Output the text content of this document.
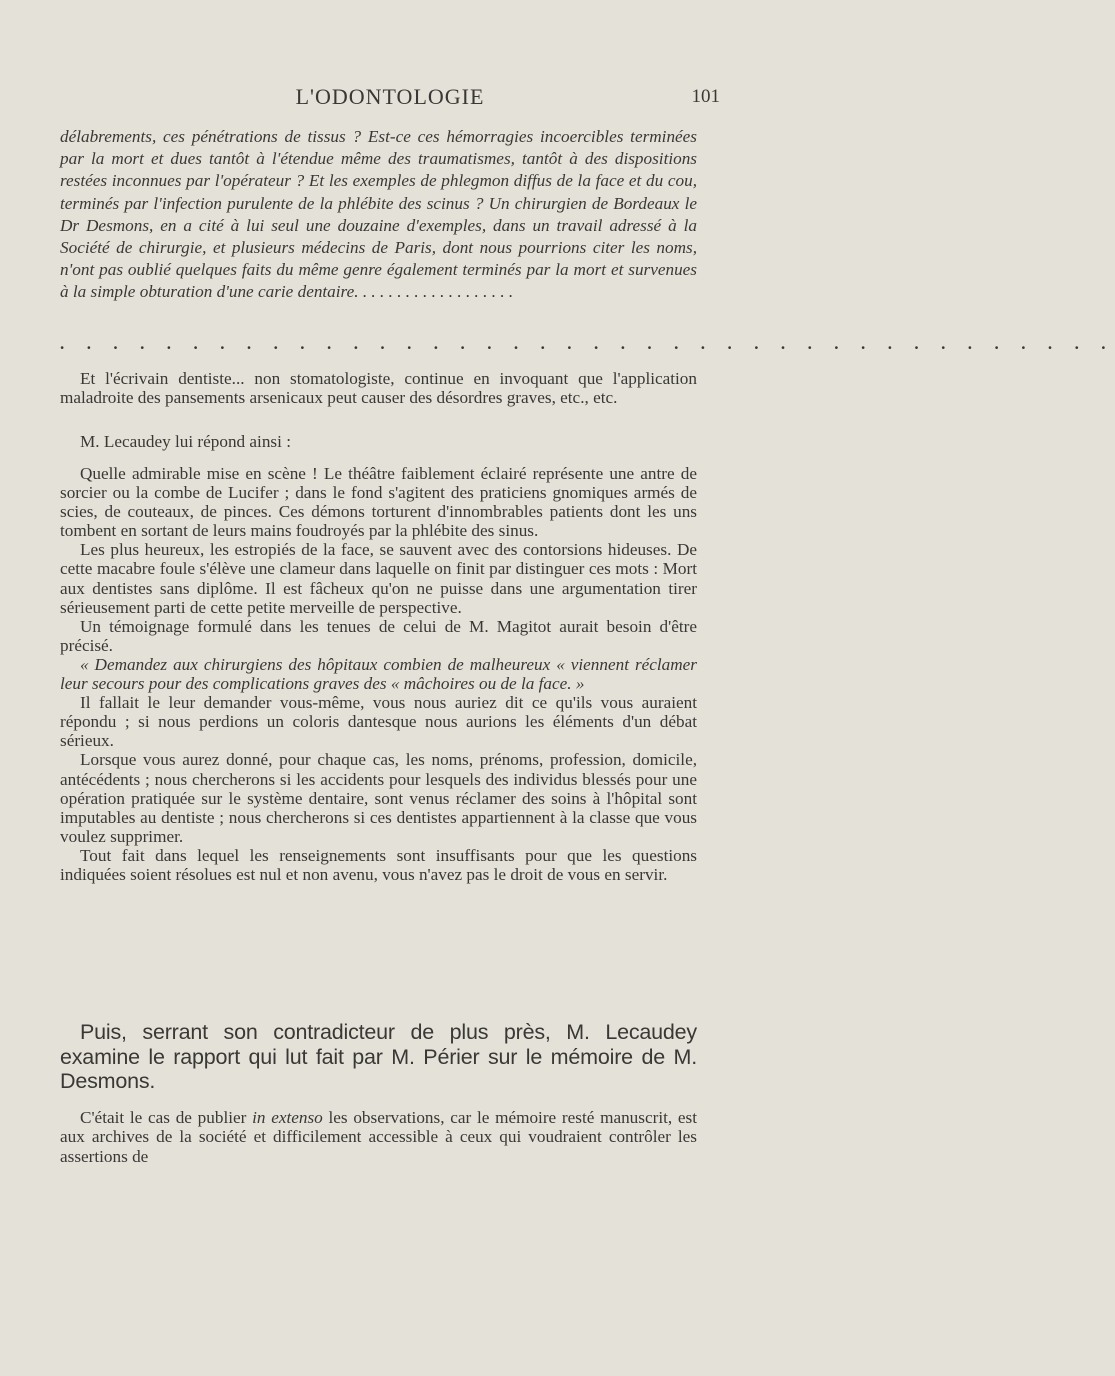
L'ODONTOLOGIE	101

délabrements, ces pénétrations de tissus ? Est-ce ces hémorragies incoercibles terminées par la mort et dues tantôt à l'étendue même des traumatismes, tantôt à des dispositions restées inconnues par l'opérateur ? Et les exemples de phlegmon diffus de la face et du cou, terminés par l'infection purulente de la phlébite des scinus ? Un chirurgien de Bordeaux le Dr Desmons, en a cité à lui seul une douzaine d'exemples, dans un travail adressé à la Société de chirurgie, et plusieurs médecins de Paris, dont nous pourrions citer les noms, n'ont pas oublié quelques faits du même genre également terminés par la mort et survenues à la simple obturation d'une carie dentaire. . . . . . . . . . . . . . . . . . .

. . . . . . . . . . . . . . . . . . . . . . . . . . . . . . . . . . . . . . . .

Et l'écrivain dentiste... non stomatologiste, continue en invoquant que l'application maladroite des pansements arsenicaux peut causer des désordres graves, etc., etc.

M. Lecaudey lui répond ainsi :

Quelle admirable mise en scène ! Le théâtre faiblement éclairé représente une antre de sorcier ou la combe de Lucifer ; dans le fond s'agitent des praticiens gnomiques armés de scies, de couteaux, de pinces. Ces démons torturent d'innombrables patients dont les uns tombent en sortant de leurs mains foudroyés par la phlébite des sinus.

Les plus heureux, les estropiés de la face, se sauvent avec des contorsions hideuses. De cette macabre foule s'élève une clameur dans laquelle on finit par distinguer ces mots : Mort aux dentistes sans diplôme. Il est fâcheux qu'on ne puisse dans une argumentation tirer sérieusement parti de cette petite merveille de perspective.

Un témoignage formulé dans les tenues de celui de M. Magitot aurait besoin d'être précisé.

« Demandez aux chirurgiens des hôpitaux combien de malheureux « viennent réclamer leur secours pour des complications graves des « mâchoires ou de la face. »

Il fallait le leur demander vous-même, vous nous auriez dit ce qu'ils vous auraient répondu ; si nous perdions un coloris dantesque nous aurions les éléments d'un débat sérieux.

Lorsque vous aurez donné, pour chaque cas, les noms, prénoms, profession, domicile, antécédents ; nous chercherons si les accidents pour lesquels des individus blessés pour une opération pratiquée sur le système dentaire, sont venus réclamer des soins à l'hôpital sont imputables au dentiste ; nous chercherons si ces dentistes appartiennent à la classe que vous voulez supprimer.

Tout fait dans lequel les renseignements sont insuffisants pour que les questions indiquées soient résolues est nul et non avenu, vous n'avez pas le droit de vous en servir.

Puis, serrant son contradicteur de plus près, M. Lecaudey examine le rapport qui lut fait par M. Périer sur le mémoire de M. Desmons.

C'était le cas de publier in extenso les observations, car le mémoire resté manuscrit, est aux archives de la société et difficilement accessible à ceux qui voudraient contrôler les assertions de
